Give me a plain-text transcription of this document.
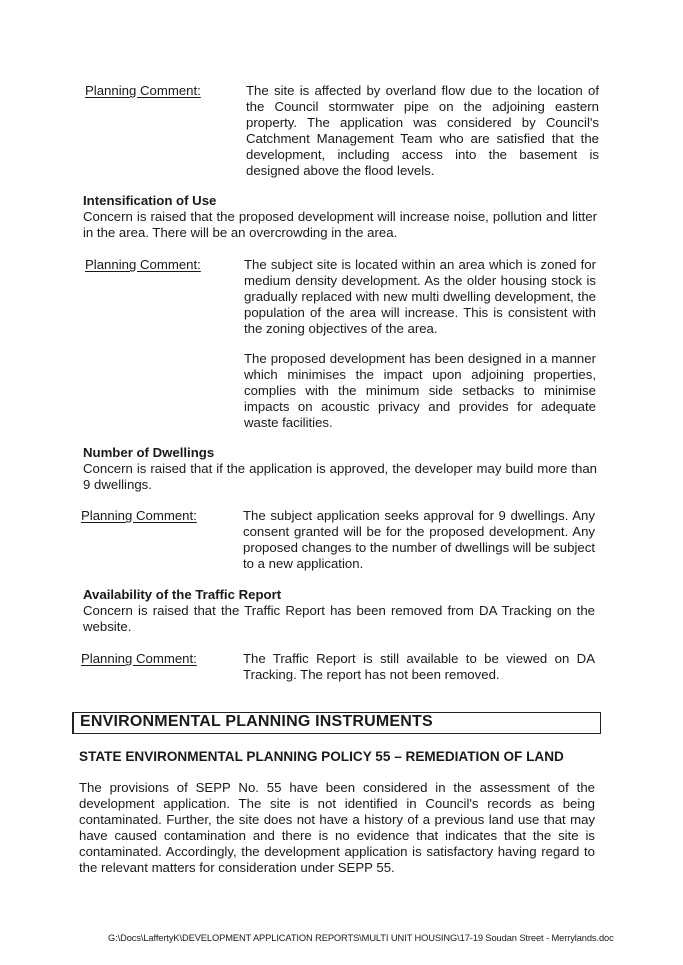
Planning Comment:	The site is affected by overland flow due to the location of the Council stormwater pipe on the adjoining eastern property. The application was considered by Council's Catchment Management Team who are satisfied that the development, including access into the basement is designed above the flood levels.

Intensification of Use
Concern is raised that the proposed development will increase noise, pollution and litter in the area. There will be an overcrowding in the area.
Planning Comment:	The subject site is located within an area which is zoned for medium density development. As the older housing stock is gradually replaced with new multi dwelling development, the population of the area will increase. This is consistent with the zoning objectives of the area.

The proposed development has been designed in a manner which minimises the impact upon adjoining properties, complies with the minimum side setbacks to minimise impacts on acoustic privacy and provides for adequate waste facilities.

Number of Dwellings
Concern is raised that if the application is approved, the developer may build more than 9 dwellings.
Planning Comment:	The subject application seeks approval for 9 dwellings. Any consent granted will be for the proposed development. Any proposed changes to the number of dwellings will be subject to a new application.

Availability of the Traffic Report
Concern is raised that the Traffic Report has been removed from DA Tracking on the website.
Planning Comment:	The Traffic Report is still available to be viewed on DA Tracking. The report has not been removed.

ENVIRONMENTAL PLANNING INSTRUMENTS
STATE ENVIRONMENTAL PLANNING POLICY 55 – REMEDIATION OF LAND
The provisions of SEPP No. 55 have been considered in the assessment of the development application. The site is not identified in Council's records as being contaminated. Further, the site does not have a history of a previous land use that may have caused contamination and there is no evidence that indicates that the site is contaminated. Accordingly, the development application is satisfactory having regard to the relevant matters for consideration under SEPP 55.
G:\Docs\LaffertyK\DEVELOPMENT APPLICATION REPORTS\MULTI UNIT HOUSING\17-19 Soudan Street - Merrylands.doc
